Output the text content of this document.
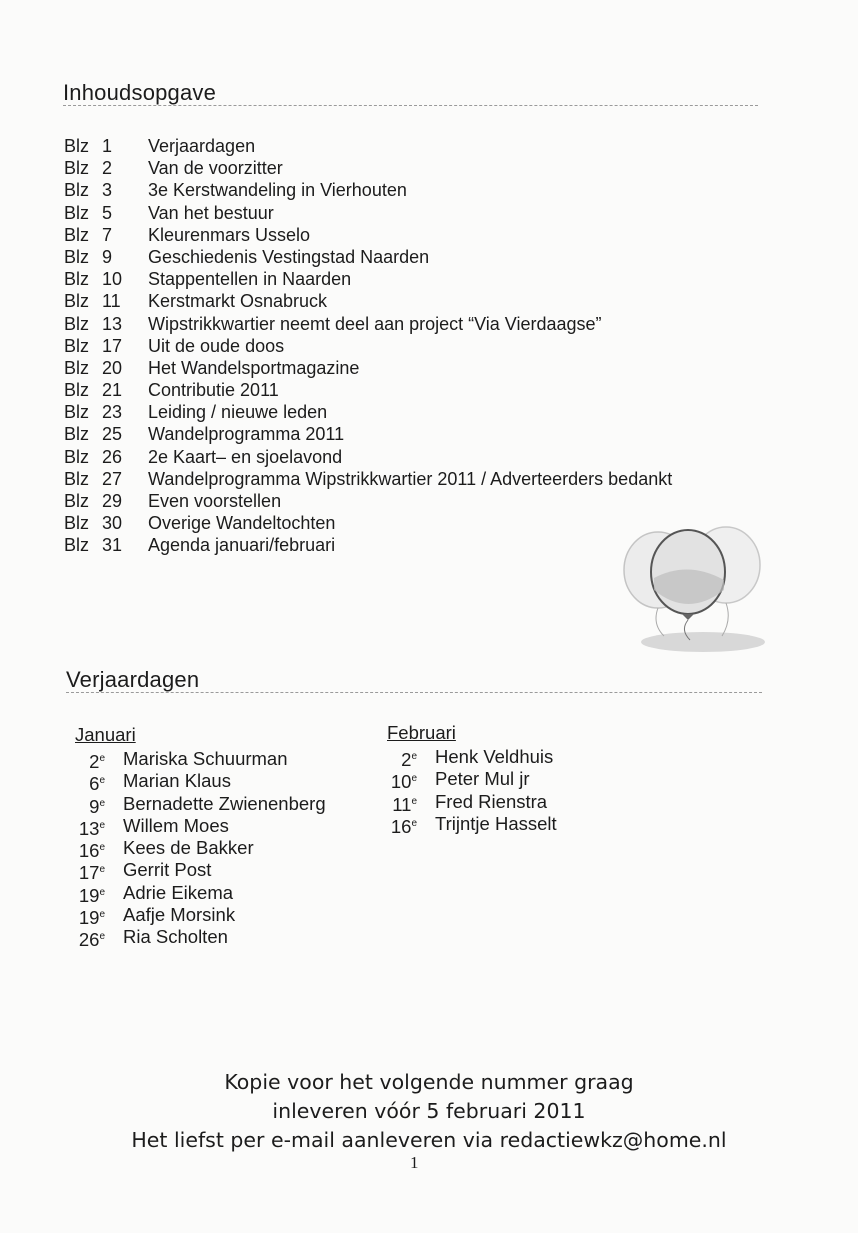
Inhoudsopgave
Blz 1	Verjaardagen
Blz 2	Van de voorzitter
Blz 3	3e Kerstwandeling in Vierhouten
Blz 5	Van het bestuur
Blz 7	Kleurenmars Usselo
Blz 9	Geschiedenis Vestingstad Naarden
Blz 10 Stappentellen in Naarden
Blz 11 Kerstmarkt Osnabruck
Blz 13 Wipstrikkwartier neemt deel aan project “Via Vierdaagse”
Blz 17 Uit de oude doos
Blz 20 Het Wandelsportmagazine
Blz 21 Contributie 2011
Blz 23 Leiding / nieuwe leden
Blz 25 Wandelprogramma 2011
Blz 26 2e Kaart– en sjoelavond
Blz 27 Wandelprogramma Wipstrikkwartier 2011 / Adverteerders bedankt
Blz 29 Even voorstellen
Blz 30 Overige Wandeltochten
Blz 31 Agenda januari/februari
Verjaardagen
Januari
2e Mariska Schuurman
6e Marian Klaus
9e Bernadette Zwienenberg
13e Willem Moes
16e Kees de Bakker
17e Gerrit Post
19e Adrie Eikema
19e Aafje Morsink
26e Ria Scholten
Februari
2e Henk Veldhuis
10e Peter Mul jr
11e Fred Rienstra
16e Trijntje Hasselt
Kopie voor het volgende nummer graag
inleveren vóór 5 februari 2011
Het liefst per e-mail aanleveren via redactiewkz@home.nl
1
